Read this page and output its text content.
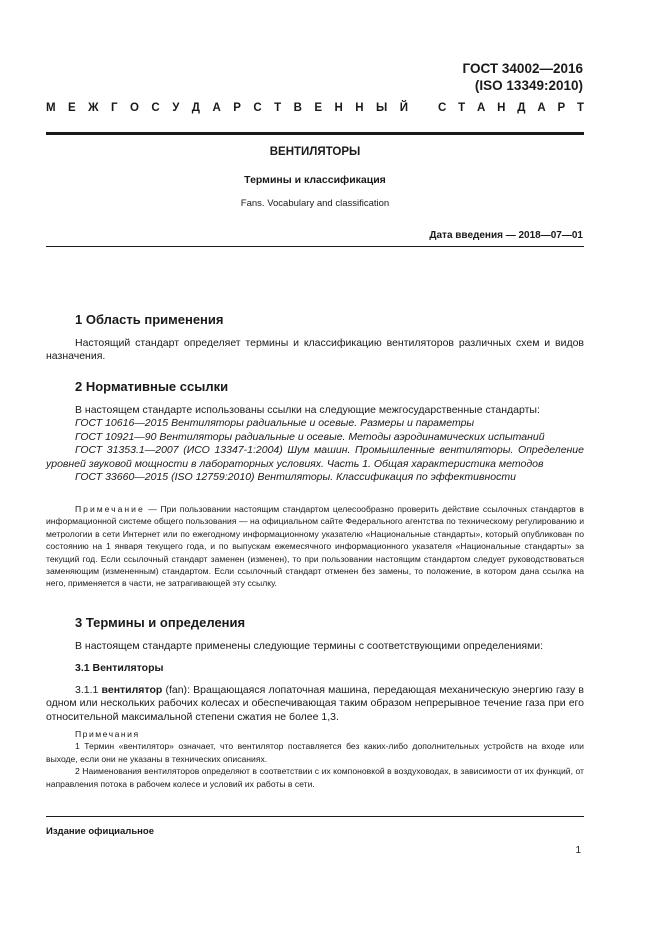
ГОСТ 34002—2016
(ISO 13349:2010)
М Е Ж Г О С У Д А Р С Т В Е Н Н Ы Й	С Т А Н Д А Р Т
ВЕНТИЛЯТОРЫ
Термины и классификация
Fans. Vocabulary and classification
Дата введения — 2018—07—01
1 Область применения
Настоящий стандарт определяет термины и классификацию вентиляторов различных схем и видов назначения.
2 Нормативные ссылки
В настоящем стандарте использованы ссылки на следующие межгосударственные стандарты:
ГОСТ 10616—2015 Вентиляторы радиальные и осевые. Размеры и параметры
ГОСТ 10921—90 Вентиляторы радиальные и осевые. Методы аэродинамических испытаний
ГОСТ 31353.1—2007 (ИСО 13347-1:2004) Шум машин. Промышленные вентиляторы. Определение уровней звуковой мощности в лабораторных условиях. Часть 1. Общая характеристика методов
ГОСТ 33660—2015 (ISO 12759:2010) Вентиляторы. Классификация по эффективности
Примечание — При пользовании настоящим стандартом целесообразно проверить действие ссылочных стандартов в информационной системе общего пользования — на официальном сайте Федерального агентства по техническому регулированию и метрологии в сети Интернет или по ежегодному информационному указателю «Национальные стандарты», который опубликован по состоянию на 1 января текущего года, и по выпускам ежемесячного информационного указателя «Национальные стандарты» за текущий год. Если ссылочный стандарт заменен (изменен), то при пользовании настоящим стандартом следует руководствоваться заменяющим (измененным) стандартом. Если ссылочный стандарт отменен без замены, то положение, в котором дана ссылка на него, применяется в части, не затрагивающей эту ссылку.
3 Термины и определения
В настоящем стандарте применены следующие термины с соответствующими определениями:
3.1 Вентиляторы
3.1.1 вентилятор (fan): Вращающаяся лопаточная машина, передающая механическую энергию газу в одном или нескольких рабочих колесах и обеспечивающая таким образом непрерывное течение газа при его относительной максимальной степени сжатия не более 1,3.
Примечания
1 Термин «вентилятор» означает, что вентилятор поставляется без каких-либо дополнительных устройств на входе или выходе, если они не указаны в технических описаниях.
2 Наименования вентиляторов определяют в соответствии с их компоновкой в воздуховодах, в зависимости от их функций, от направления потока в рабочем колесе и условий их работы в сети.
Издание официальное
1
